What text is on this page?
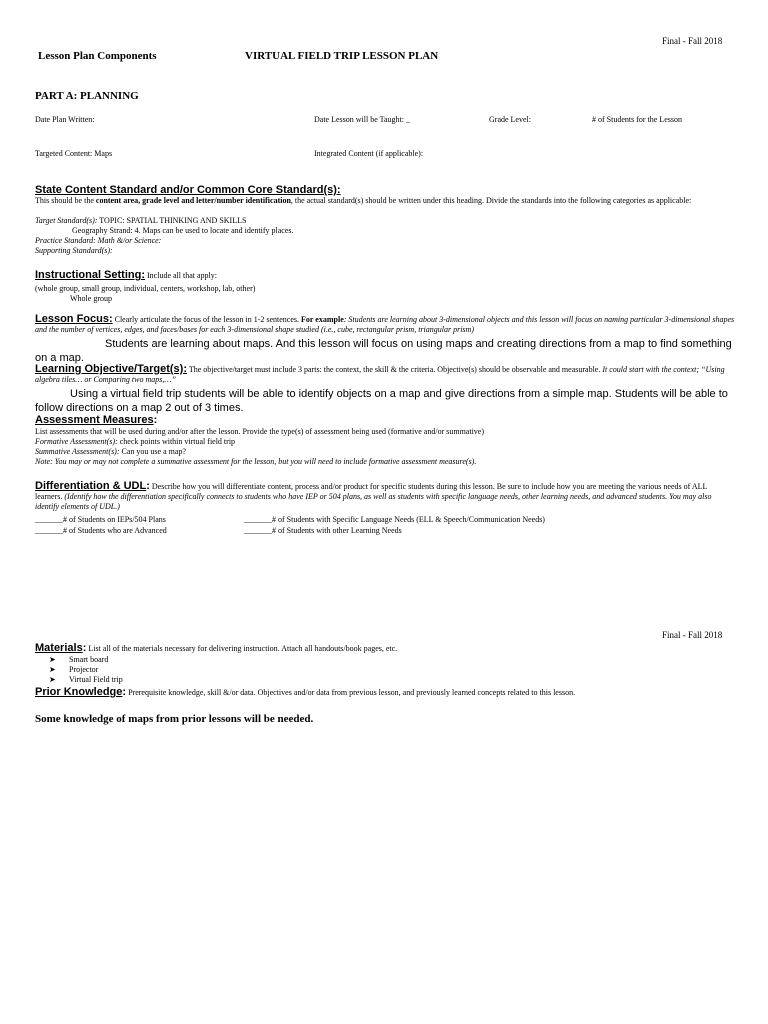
Final - Fall 2018
Lesson Plan Components	VIRTUAL FIELD TRIP LESSON PLAN
PART A: PLANNING
Date Plan Written:	Date Lesson will be Taught: _	Grade Level:	# of Students for the Lesson
Targeted Content: Maps	Integrated Content (if applicable):
State Content Standard and/or Common Core Standard(s):
This should be the content area, grade level and letter/number identification, the actual standard(s) should be written under this heading. Divide the standards into the following categories as applicable:
Target Standard(s): TOPIC: SPATIAL THINKING AND SKILLS
Geography Strand: 4. Maps can be used to locate and identify places.
Practice Standard: Math &/or Science:
Supporting Standard(s):
Instructional Setting: Include all that apply:
(whole group, small group, individual, centers, workshop, lab, other)
Whole group
Lesson Focus: Clearly articulate the focus of the lesson in 1-2 sentences. For example: Students are learning about 3-dimensional objects and this lesson will focus on naming particular 3-dimensional shapes and the number of vertices, edges, and faces/bases for each 3-dimensional shape studied (i.e., cube, rectangular prism, triangular prism)
Students are learning about maps. And this lesson will focus on using maps and creating directions from a map to find something on a map.
Learning Objective/Target(s): The objective/target must include 3 parts: the context, the skill & the criteria. Objective(s) should be observable and measurable. It could start with the context; “Using algebra tiles… or Comparing two maps,…”
Using a virtual field trip students will be able to identify objects on a map and give directions from a simple map. Students will be able to follow directions on a map 2 out of 3 times.
Assessment Measures:
List assessments that will be used during and/or after the lesson. Provide the type(s) of assessment being used (formative and/or summative)
Formative Assessment(s): check points within virtual field trip
Summative Assessment(s): Can you use a map?
Note: You may or may not complete a summative assessment for the lesson, but you will need to include formative assessment measure(s).
Differentiation & UDL: Describe how you will differentiate content, process and/or product for specific students during this lesson. Be sure to include how you are meeting the various needs of ALL learners. (Identify how the differentiation specifically connects to students who have IEP or 504 plans, as well as students with specific language needs, other learning needs, and advanced students. You may also identify elements of UDL.)
_______# of Students on IEPs/504 Plans	_______# of Students with Specific Language Needs (ELL & Speech/Communication Needs)
_______# of Students who are Advanced	_______# of Students with other Learning Needs
Final - Fall 2018
Materials: List all of the materials necessary for delivering instruction. Attach all handouts/book pages, etc.
➤ Smart board
➤ Projector
➤ Virtual Field trip
Prior Knowledge: Prerequisite knowledge, skill &/or data. Objectives and/or data from previous lesson, and previously learned concepts related to this lesson.
Some knowledge of maps from prior lessons will be needed.
